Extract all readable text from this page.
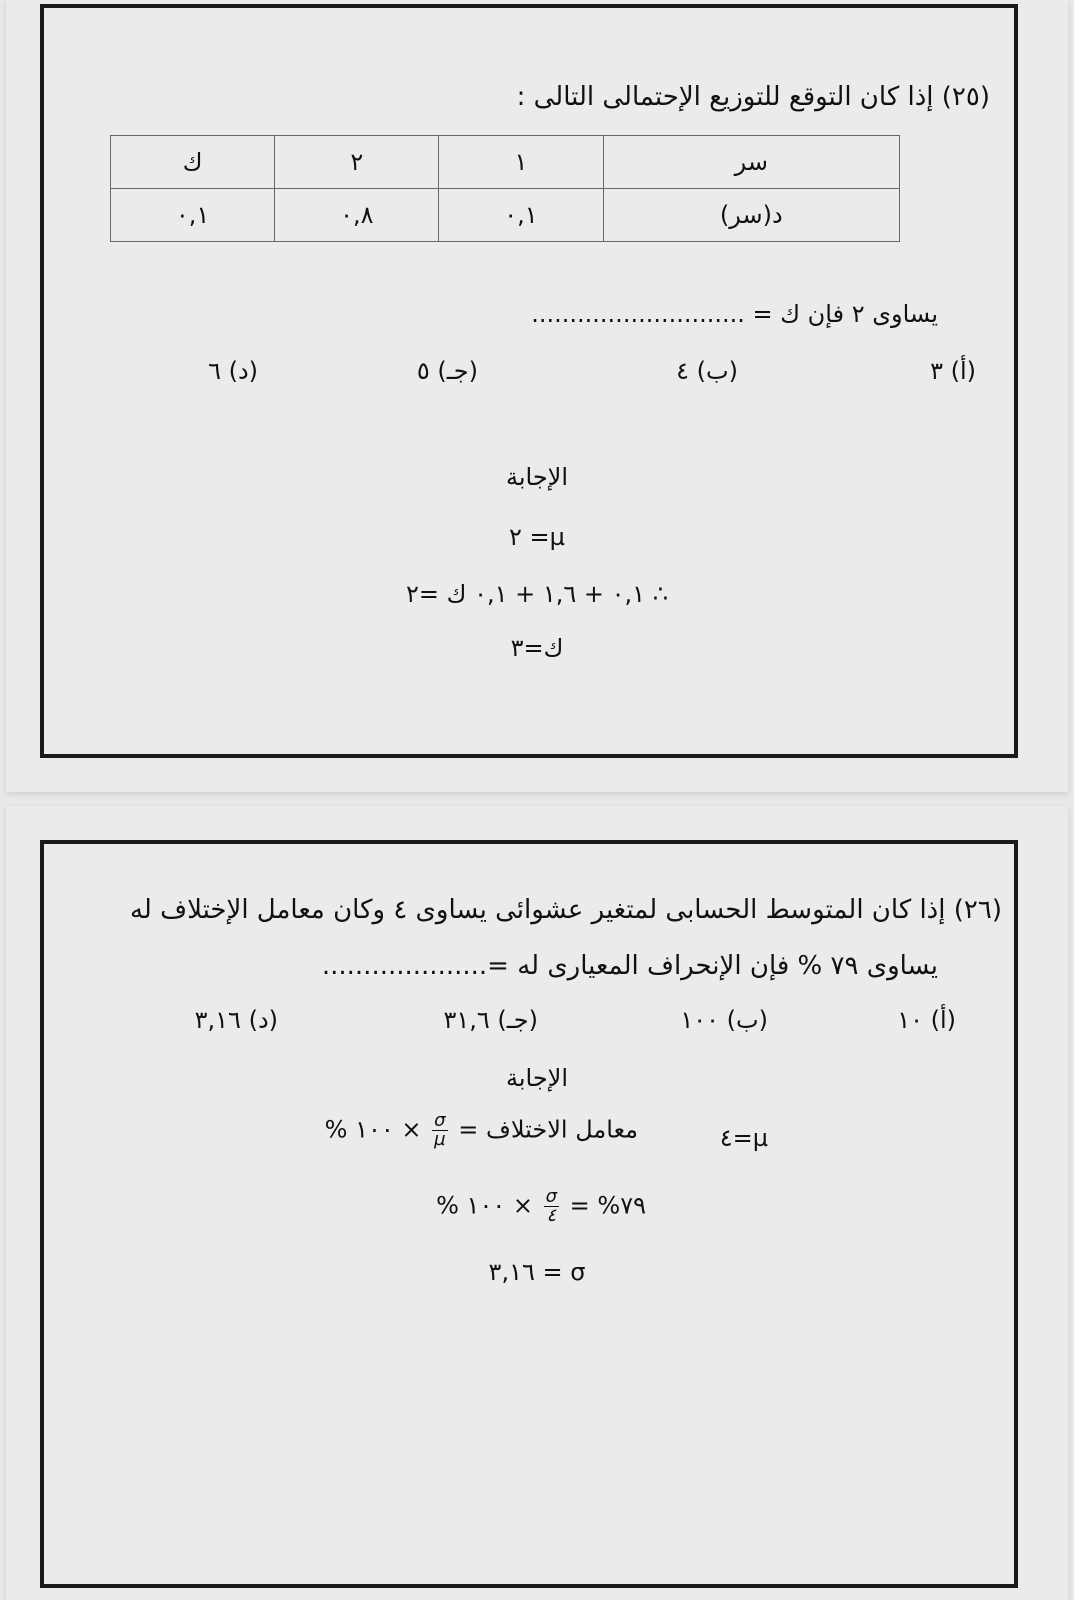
(٢٥) إذا كان التوقع للتوزيع الإحتمالى التالى :
سر	١	٢	ك
د(سر)	٠,١	٠,٨	٠,١
يساوى ٢ فإن ك = ............................
(أ) ٣
(ب) ٤
(جـ) ٥
(د) ٦
الإجابة
µ= ٢
∴ ٠,١ + ١,٦ + ٠,١ ك =٢
ك=٣
(٢٦) إذا كان المتوسط الحسابى لمتغير عشوائى يساوى ٤ وكان معامل الإختلاف له
يساوى ٧٩ % فإن الإنحراف المعيارى له =....................
(أ) ١٠
(ب) ١٠٠
(جـ) ٣١,٦
(د) ٣,١٦
الإجابة
µ=٤
معامل الاختلاف =
$\frac{\sigma}{\text{µ}}$
× ١٠٠ %
٧٩% =
$\frac{\sigma}{٤}$
× ١٠٠ %
σ = ٣,١٦
